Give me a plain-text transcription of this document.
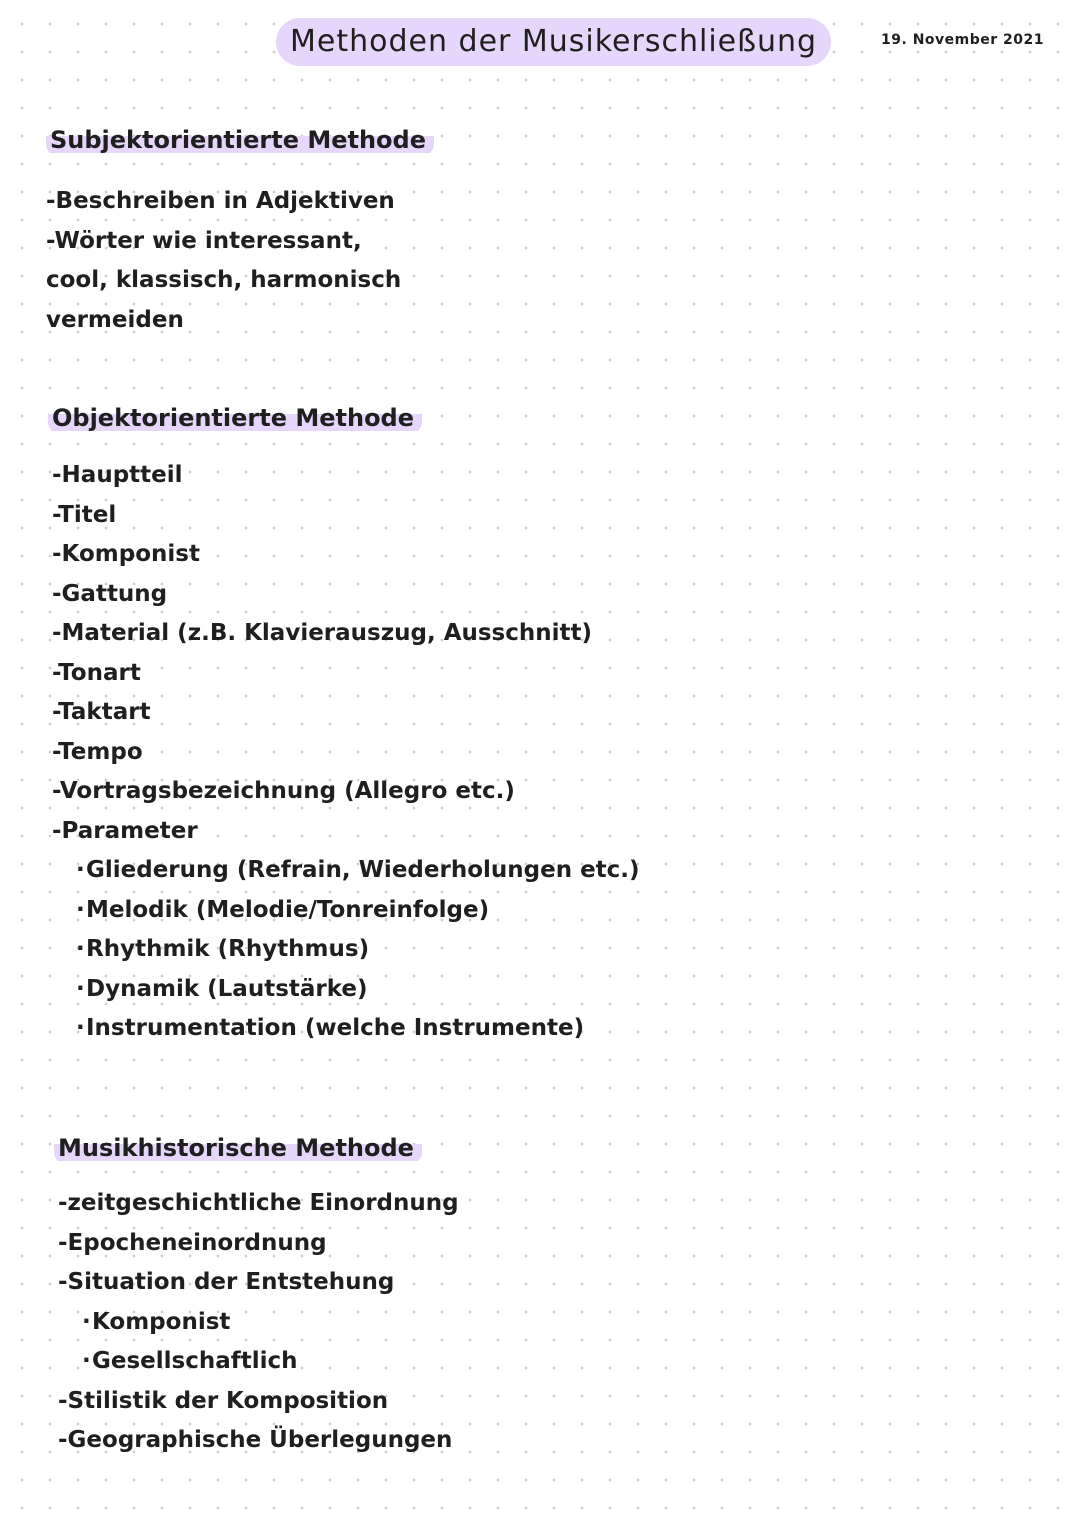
Methoden der Musikerschließung	19. November 2021
Subjektorientierte Methode
-Beschreiben in Adjektiven
-Wörter wie interessant,
cool, klassisch, harmonisch
vermeiden
Objektorientierte Methode
-Hauptteil
-Titel
-Komponist
-Gattung
-Material (z.B. Klavierauszug, Ausschnitt)
-Tonart
-Taktart
-Tempo
-Vortragsbezeichnung (Allegro etc.)
-Parameter
· Gliederung (Refrain, Wiederholungen etc.)
· Melodik (Melodie/Tonreinfolge)
· Rhythmik (Rhythmus)
· Dynamik (Lautstärke)
· Instrumentation (welche Instrumente)
Musikhistorische Methode
-zeitgeschichtliche Einordnung
-Epocheneinordnung
-Situation der Entstehung
· Komponist
· Gesellschaftlich
-Stilistik der Komposition
-Geographische Überlegungen
